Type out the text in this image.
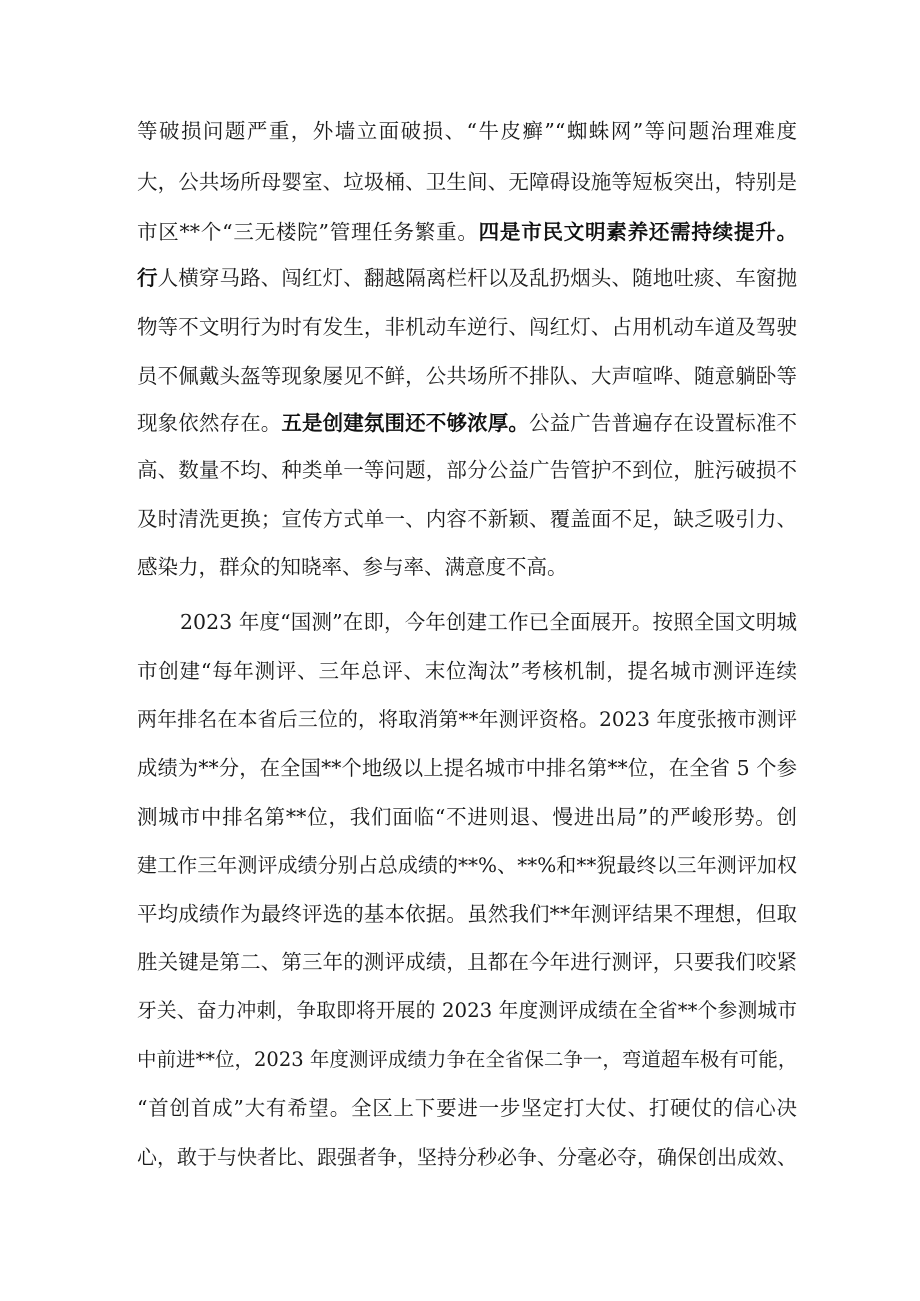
等破损问题严重，外墙立面破损、“牛皮癣”“蜘蛛网”等问题治理难度
大，公共场所母婴室、垃圾桶、卫生间、无障碍设施等短板突出，特别是
市区**个“三无楼院”管理任务繁重。四是市民文明素养还需持续提升。
行人横穿马路、闯红灯、翻越隔离栏杆以及乱扔烟头、随地吐痰、车窗抛
物等不文明行为时有发生，非机动车逆行、闯红灯、占用机动车道及驾驶
员不佩戴头盔等现象屡见不鲜，公共场所不排队、大声喧哗、随意躺卧等
现象依然存在。五是创建氛围还不够浓厚。公益广告普遍存在设置标准不
高、数量不均、种类单一等问题，部分公益广告管护不到位，脏污破损不
及时清洗更换；宣传方式单一、内容不新颖、覆盖面不足，缺乏吸引力、
感染力，群众的知晓率、参与率、满意度不高。
2023 年度“国测”在即，今年创建工作已全面展开。按照全国文明城
市创建“每年测评、三年总评、末位淘汰”考核机制，提名城市测评连续
两年排名在本省后三位的，将取消第**年测评资格。2023 年度张掖市测评
成绩为**分，在全国**个地级以上提名城市中排名第**位，在全省 5 个参
测城市中排名第**位，我们面临“不进则退、慢进出局”的严峻形势。创
建工作三年测评成绩分别占总成绩的**%、**%和**猊最终以三年测评加权
平均成绩作为最终评选的基本依据。虽然我们**年测评结果不理想，但取
胜关键是第二、第三年的测评成绩，且都在今年进行测评，只要我们咬紧
牙关、奋力冲刺，争取即将开展的 2023 年度测评成绩在全省**个参测城市
中前进**位，2023 年度测评成绩力争在全省保二争一，弯道超车极有可能，
“首创首成”大有希望。全区上下要进一步坚定打大仗、打硬仗的信心决
心，敢于与快者比、跟强者争，坚持分秒必争、分毫必夺，确保创出成效、
